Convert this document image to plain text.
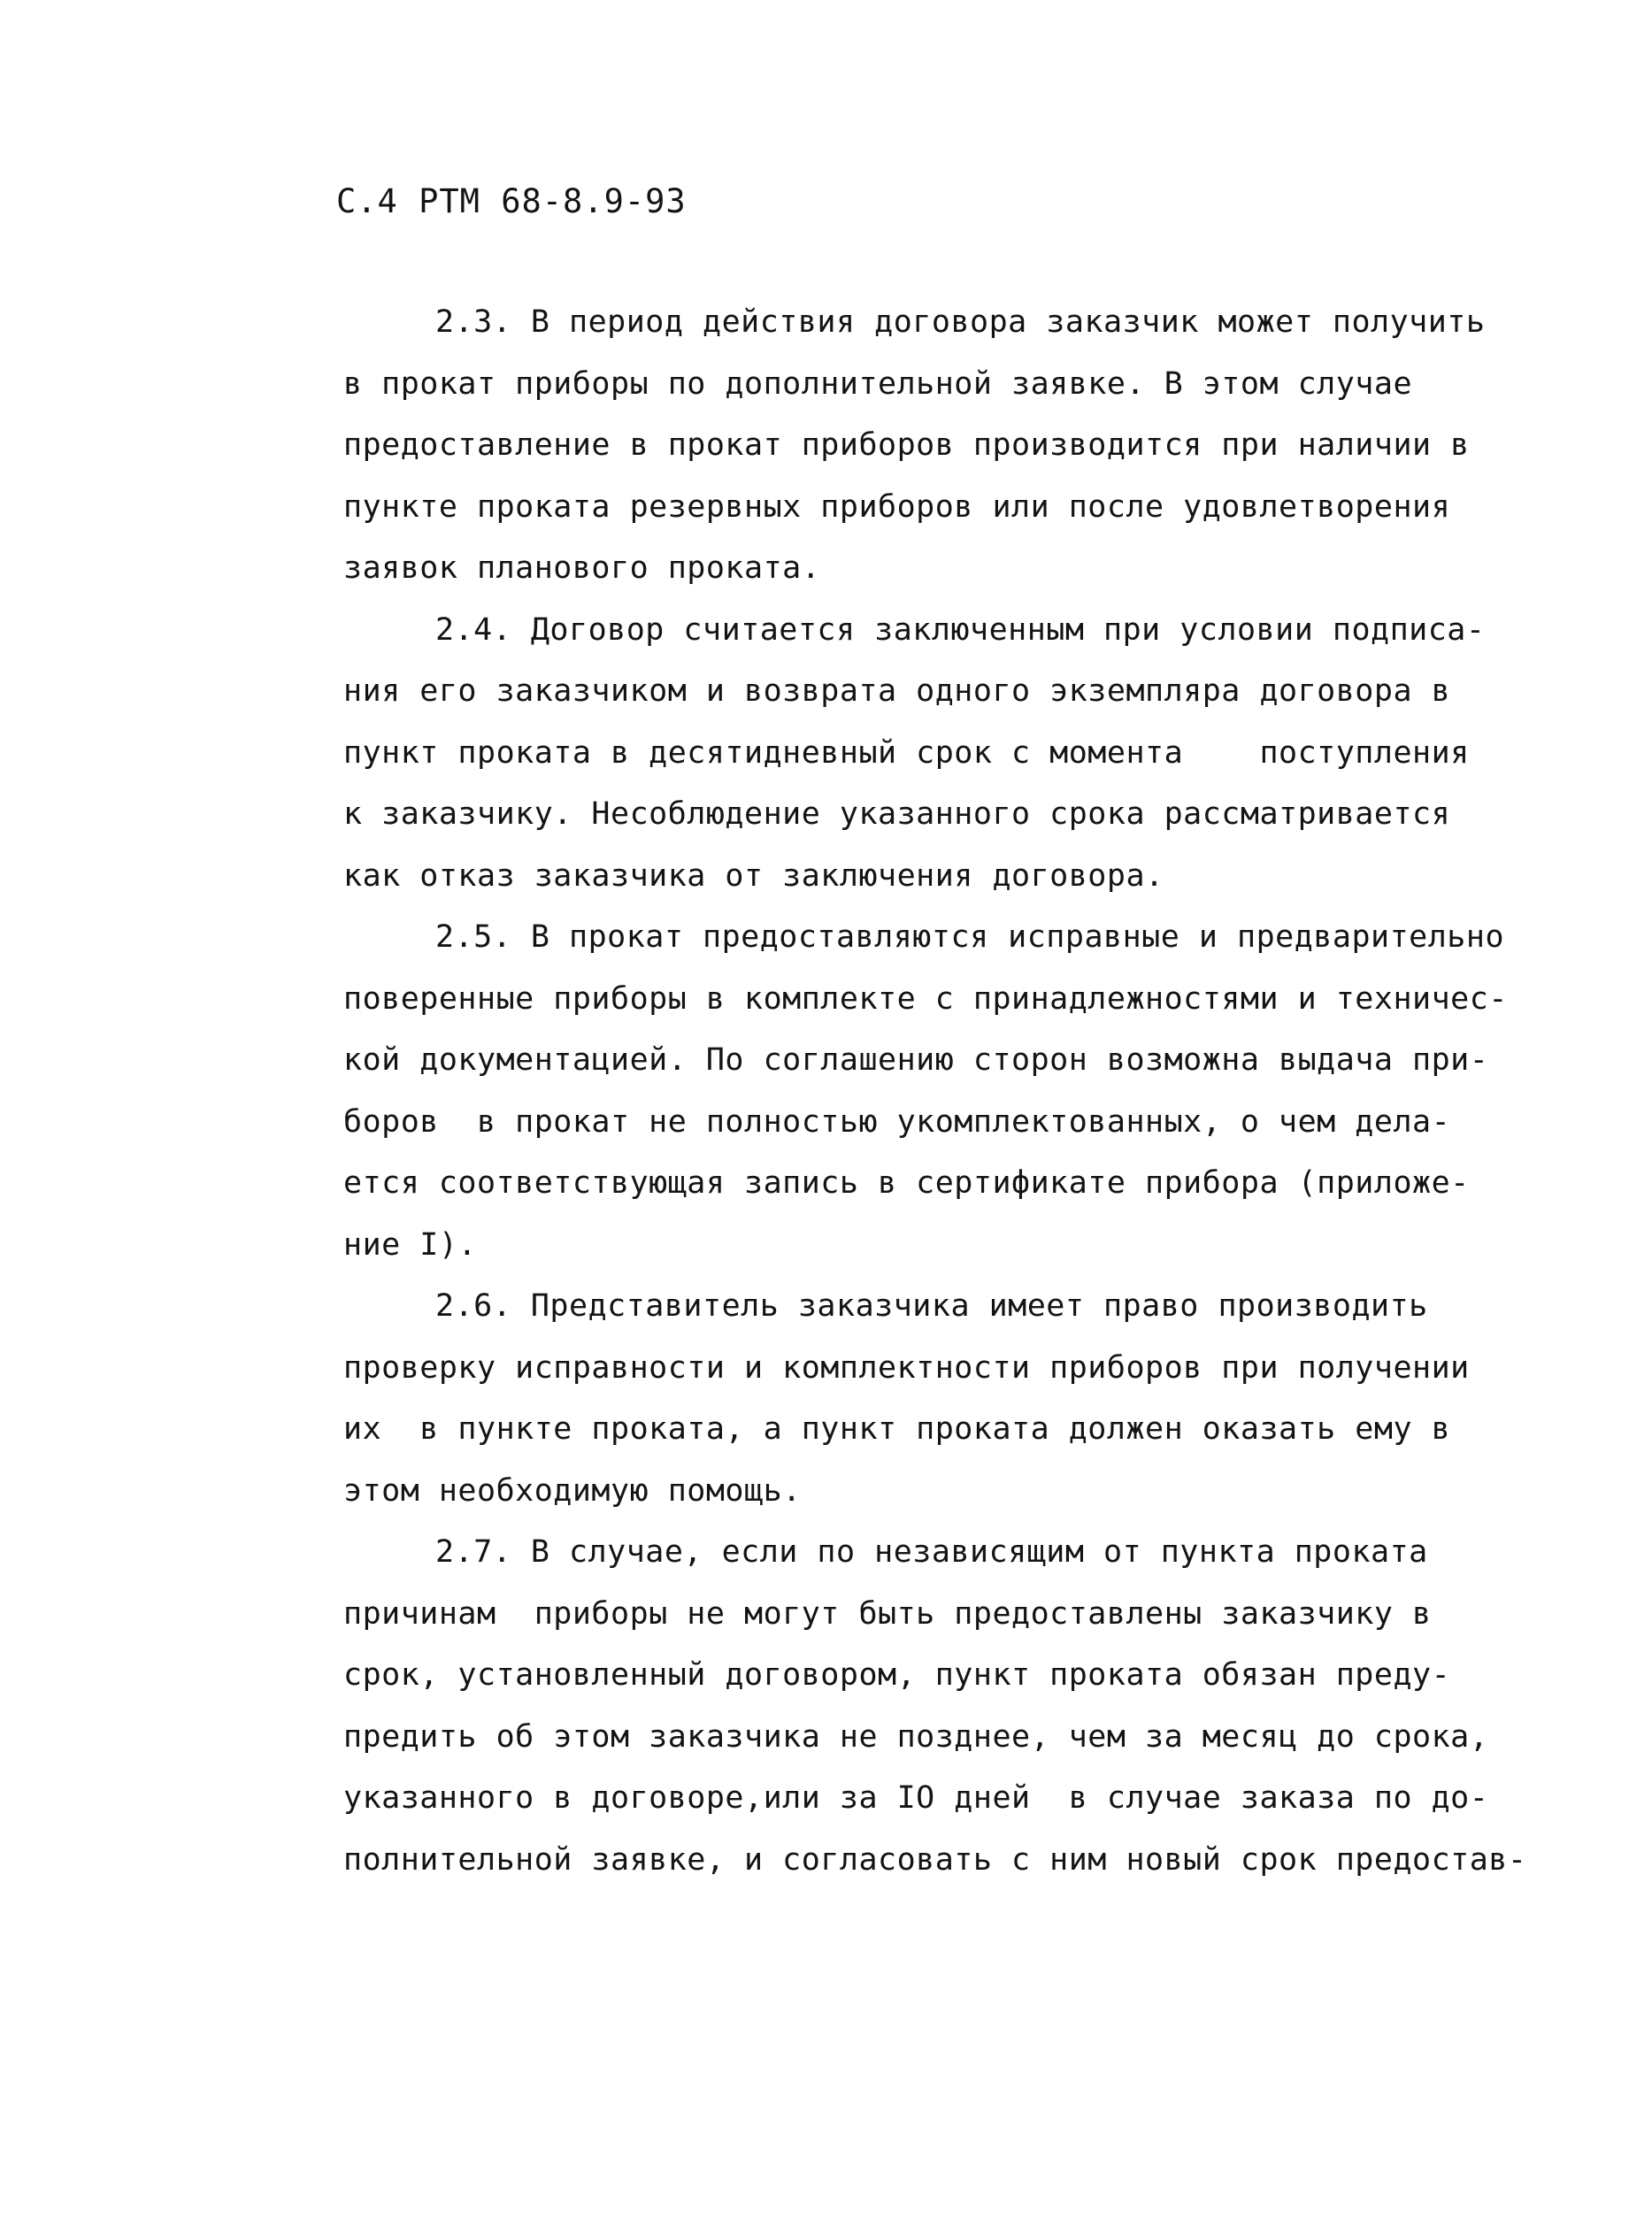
С.4 РТМ 68-8.9-93
2.3. В период действия договора заказчик может получить
в прокат приборы по дополнительной заявке. В этом случае
предоставление в прокат приборов производится при наличии в
пункте проката резервных приборов или после удовлетворения
заявок планового проката.
2.4. Договор считается заключенным при условии подписа-
ния его заказчиком и возврата одного экземпляра договора в
пункт проката в десятидневный срок с момента    поступления
к заказчику. Несоблюдение указанного срока рассматривается
как отказ заказчика от заключения договора.
2.5. В прокат предоставляются исправные и предварительно
поверенные приборы в комплекте с принадлежностями и техничес-
кой документацией. По соглашению сторон возможна выдача при-
боров  в прокат не полностью укомплектованных, о чем дела-
ется соответствующая запись в сертификате прибора (приложе-
ние I).
2.6. Представитель заказчика имеет право производить
проверку исправности и комплектности приборов при получении
их  в пункте проката, а пункт проката должен оказать ему в
этом необходимую помощь.
2.7. В случае, если по независящим от пункта проката
причинам  приборы не могут быть предоставлены заказчику в
срок, установленный договором, пункт проката обязан преду-
предить об этом заказчика не позднее, чем за месяц до срока,
указанного в договоре,или за IO дней  в случае заказа по до-
полнительной заявке, и согласовать с ним новый срок предостав-
